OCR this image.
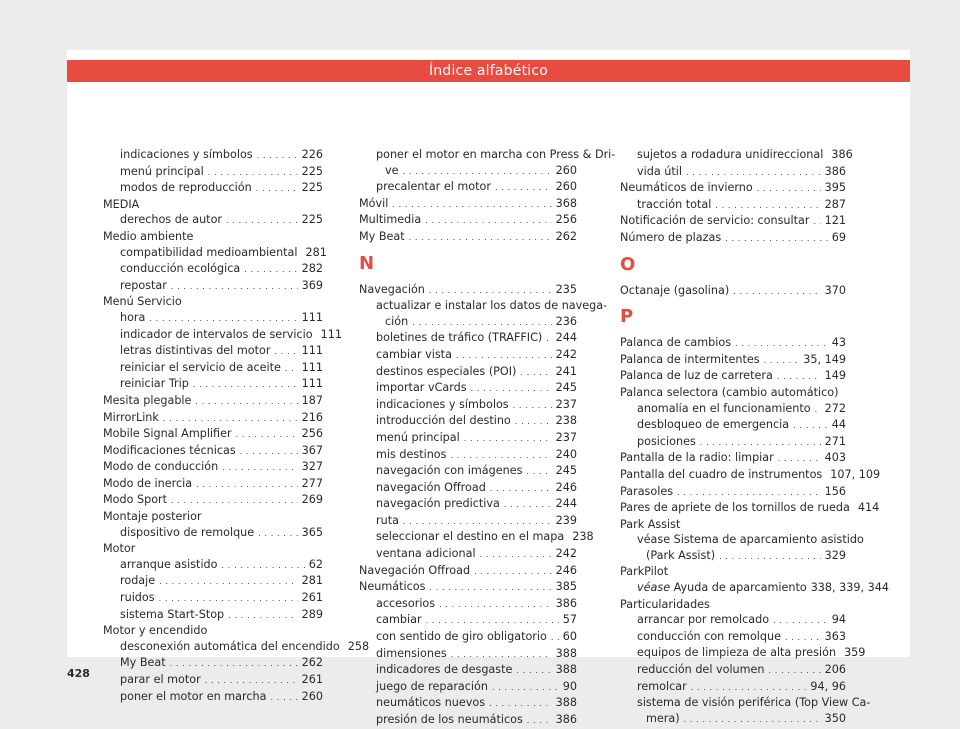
Índice alfabético
indicaciones y símbolos . . .	226
menú principal . . .	225
modos de reproducción . . .	225
MEDIA
derechos de autor . . .	225
Medio ambiente
compatibilidad medioambiental 281
conducción ecológica . . .	282
repostar . . .	369
Menú Servicio
hora . . .	111
indicador de intervalos de servicio 111
letras distintivas del motor . . .	111
reiniciar el servicio de aceite . . . 111
reiniciar Trip . . .	111
Mesita plegable . . .	187
MirrorLink . . .	216
Mobile Signal Amplifier . . .	256
Modificaciones técnicas . . .	367
Modo de conducción . . .	327
Modo de inercia . . .	277
Modo Sport . . .	269
Montaje posterior
dispositivo de remolque . . .	365
Motor
arranque asistido . . .	62
rodaje . . .	281
ruidos . . .	261
sistema Start-Stop . . .	289
Motor y encendido
desconexión automática del encendido 258
My Beat . . .	262
parar el motor . . .	261
poner el motor en marcha . . .	260
poner el motor en marcha con Press & Dri-
ve . . .	260
precalentar el motor . . .	260
Móvil . . .	368
Multimedia . . .	256
My Beat . . .	262
N
Navegación . . .	235
actualizar e instalar los datos de navega-
ción . . .	236
boletines de tráfico (TRAFFIC) . . . 244
cambiar vista . . .	242
destinos especiales (POI) . . .	241
importar vCards . . .	245
indicaciones y símbolos . . .	237
introducción del destino . . .	238
menú principal . . .	237
mis destinos . . .	240
navegación con imágenes . . .	245
navegación Offroad . . .	246
navegación predictiva . . .	244
ruta . . .	239
seleccionar el destino en el mapa 238
ventana adicional . . .	242
Navegación Offroad . . .	246
Neumáticos . . .	385
accesorios . . .	386
cambiar . . .	57
con sentido de giro obligatorio . . . 60
dimensiones . . .	388
indicadores de desgaste . . .	388
juego de reparación . . .	90
neumáticos nuevos . . .	388
presión de los neumáticos . . .	386
sujetos a rodadura unidireccional 386
vida útil . . .	386
Neumáticos de invierno . . .	395
tracción total . . .	287
Notificación de servicio: consultar . . . 121
Número de plazas . . .	69
O
Octanaje (gasolina) . . .	370
P
Palanca de cambios . . .	43
Palanca de intermitentes . . .	35, 149
Palanca de luz de carretera . . .	149
Palanca selectora (cambio automático)
anomalía en el funcionamiento . . . 272
desbloqueo de emergencia . . .	44
posiciones . . .	271
Pantalla de la radio: limpiar . . .	403
Pantalla del cuadro de instrumentos 107, 109
Parasoles . . .	156
Pares de apriete de los tornillos de rueda 414
Park Assist
véase Sistema de aparcamiento asistido
(Park Assist) . . .	329
ParkPilot
véase Ayuda de aparcamiento 338, 339, 344
Particularidades
arrancar por remolcado . . .	94
conducción con remolque . . .	363
equipos de limpieza de alta presión 359
reducción del volumen . . .	206
remolcar . . .	94, 96
sistema de visión periférica (Top View Ca-
mera) . . .	350
428
